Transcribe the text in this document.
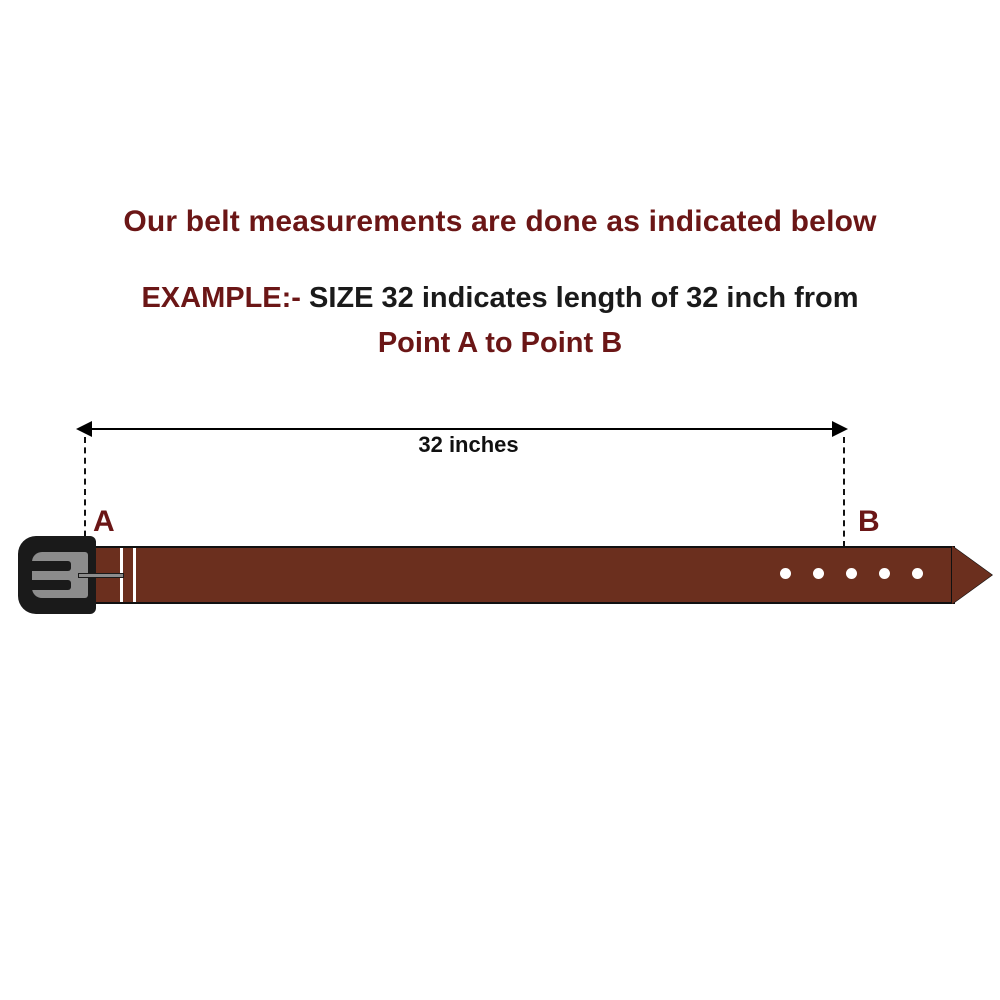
Our belt measurements are done as indicated below
EXAMPLE:- SIZE 32 indicates length of 32 inch from
Point A to Point B
32 inches
A	B
